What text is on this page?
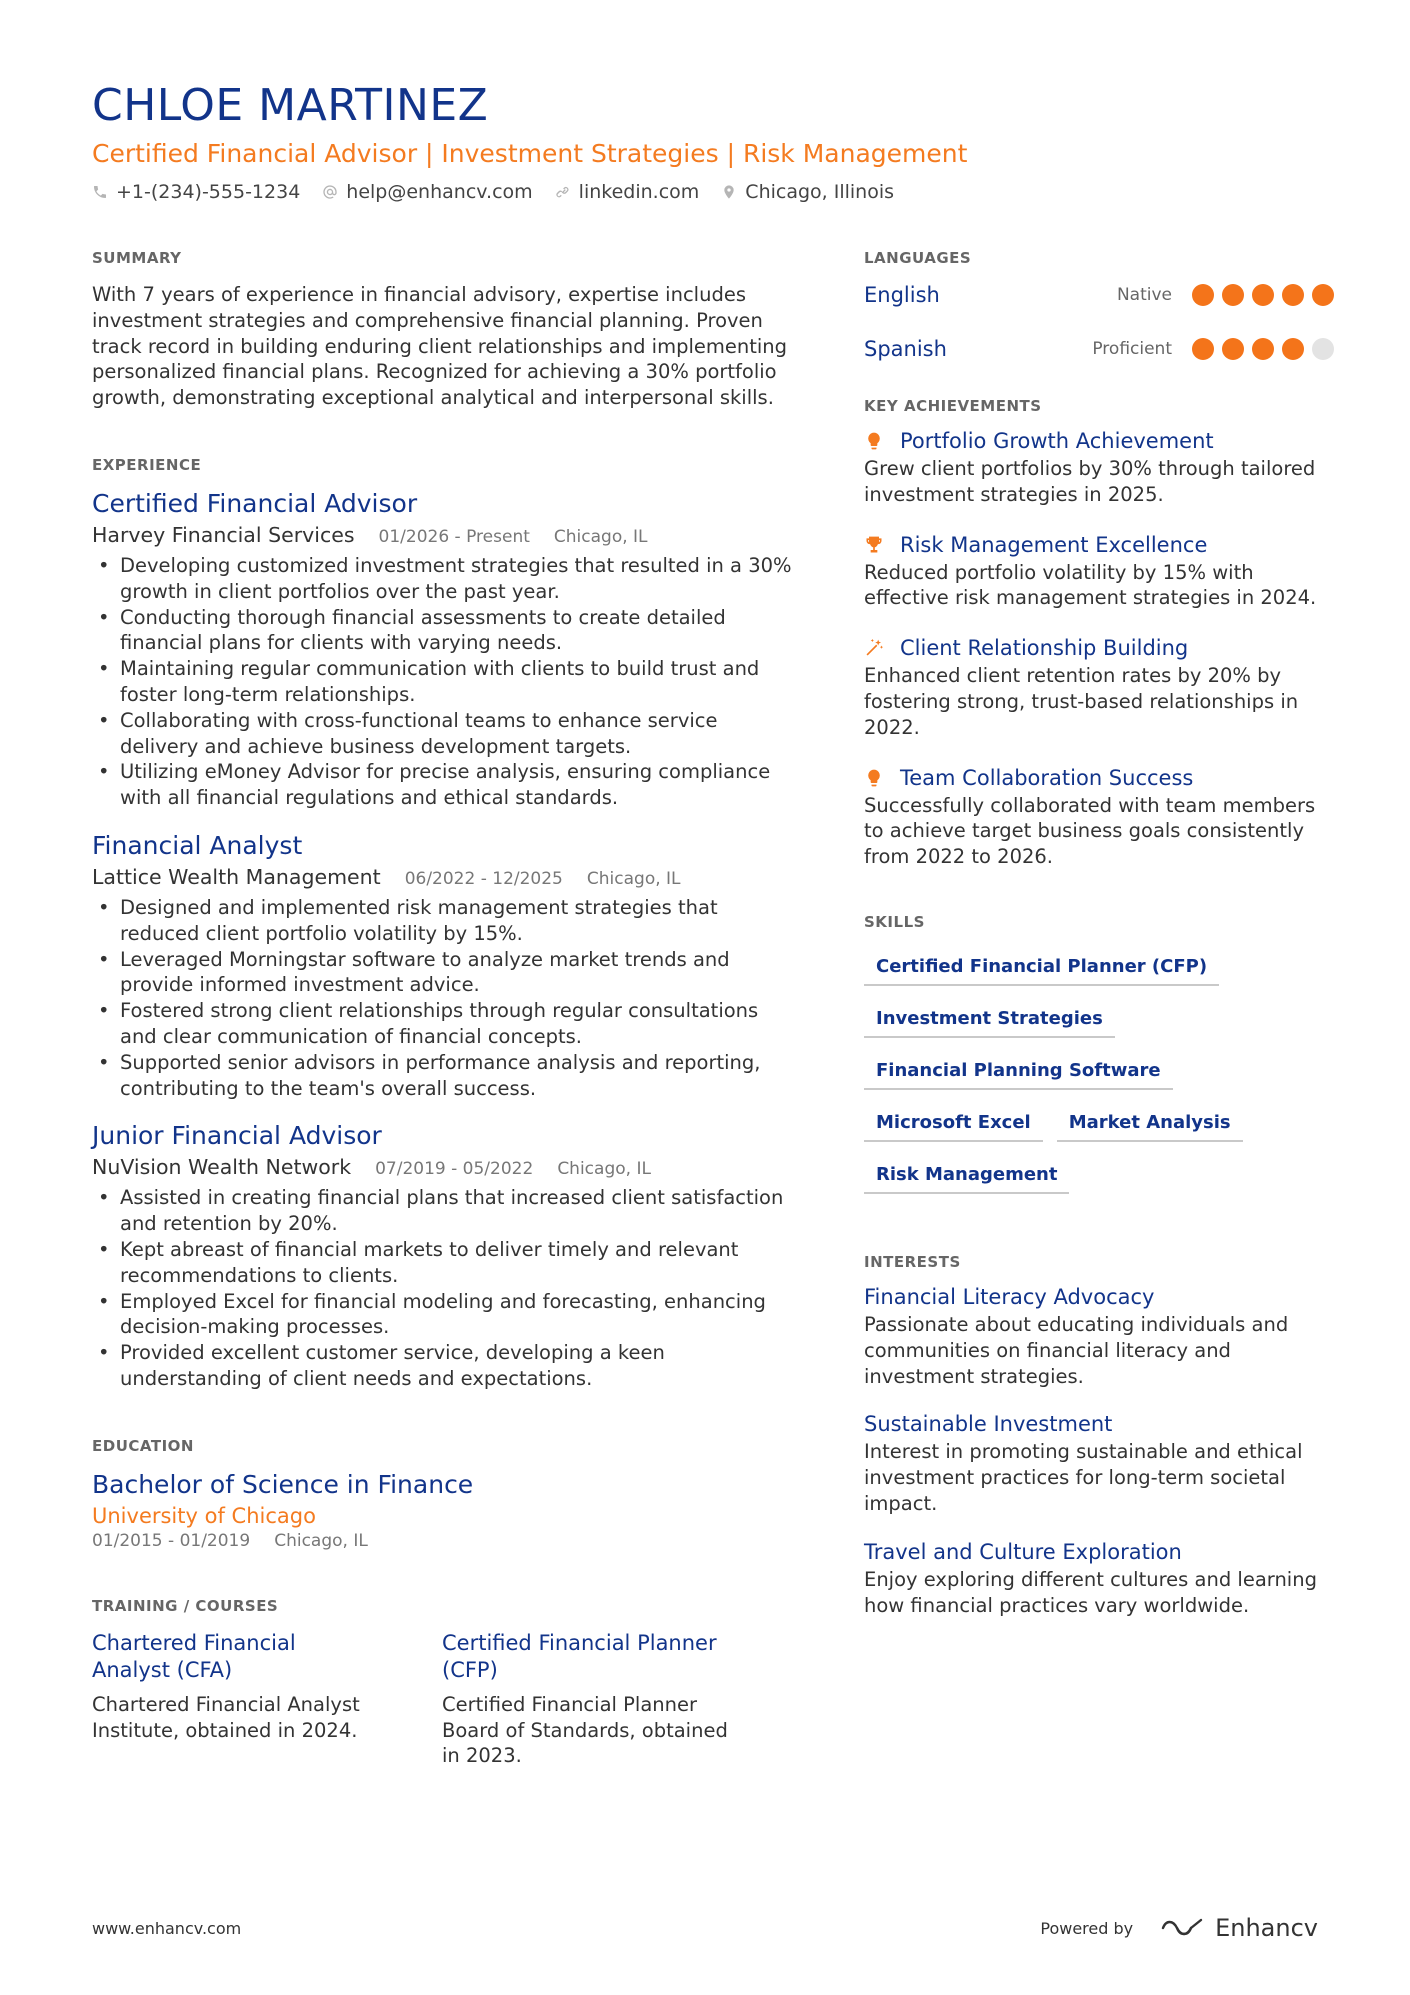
CHLOE MARTINEZ
Certified Financial Advisor | Investment Strategies | Risk Management
+1-(234)-555-1234 help@enhancv.com linkedin.com Chicago, Illinois
SUMMARY
With 7 years of experience in financial advisory, expertise includes investment strategies and comprehensive financial planning. Proven track record in building enduring client relationships and implementing personalized financial plans. Recognized for achieving a 30% portfolio growth, demonstrating exceptional analytical and interpersonal skills.
EXPERIENCE
Certified Financial Advisor
Harvey Financial Services 01/2026 - Present Chicago, IL
• Developing customized investment strategies that resulted in a 30% growth in client portfolios over the past year.
• Conducting thorough financial assessments to create detailed financial plans for clients with varying needs.
• Maintaining regular communication with clients to build trust and foster long-term relationships.
• Collaborating with cross-functional teams to enhance service delivery and achieve business development targets.
• Utilizing eMoney Advisor for precise analysis, ensuring compliance with all financial regulations and ethical standards.
Financial Analyst
Lattice Wealth Management 06/2022 - 12/2025 Chicago, IL
• Designed and implemented risk management strategies that reduced client portfolio volatility by 15%.
• Leveraged Morningstar software to analyze market trends and provide informed investment advice.
• Fostered strong client relationships through regular consultations and clear communication of financial concepts.
• Supported senior advisors in performance analysis and reporting, contributing to the team's overall success.
Junior Financial Advisor
NuVision Wealth Network 07/2019 - 05/2022 Chicago, IL
• Assisted in creating financial plans that increased client satisfaction and retention by 20%.
• Kept abreast of financial markets to deliver timely and relevant recommendations to clients.
• Employed Excel for financial modeling and forecasting, enhancing decision-making processes.
• Provided excellent customer service, developing a keen understanding of client needs and expectations.
EDUCATION
Bachelor of Science in Finance
University of Chicago
01/2015 - 01/2019 Chicago, IL
TRAINING / COURSES
Chartered Financial Analyst (CFA)
Chartered Financial Analyst Institute, obtained in 2024.
Certified Financial Planner (CFP)
Certified Financial Planner Board of Standards, obtained in 2023.
LANGUAGES
English	Native
Spanish	Proficient
KEY ACHIEVEMENTS
Portfolio Growth Achievement
Grew client portfolios by 30% through tailored investment strategies in 2025.
Risk Management Excellence
Reduced portfolio volatility by 15% with effective risk management strategies in 2024.
Client Relationship Building
Enhanced client retention rates by 20% by fostering strong, trust-based relationships in 2022.
Team Collaboration Success
Successfully collaborated with team members to achieve target business goals consistently from 2022 to 2026.
SKILLS
Certified Financial Planner (CFP)
Investment Strategies
Financial Planning Software
Microsoft Excel	Market Analysis
Risk Management
INTERESTS
Financial Literacy Advocacy
Passionate about educating individuals and communities on financial literacy and investment strategies.
Sustainable Investment
Interest in promoting sustainable and ethical investment practices for long-term societal impact.
Travel and Culture Exploration
Enjoy exploring different cultures and learning how financial practices vary worldwide.
www.enhancv.com	Powered by	Enhancv
